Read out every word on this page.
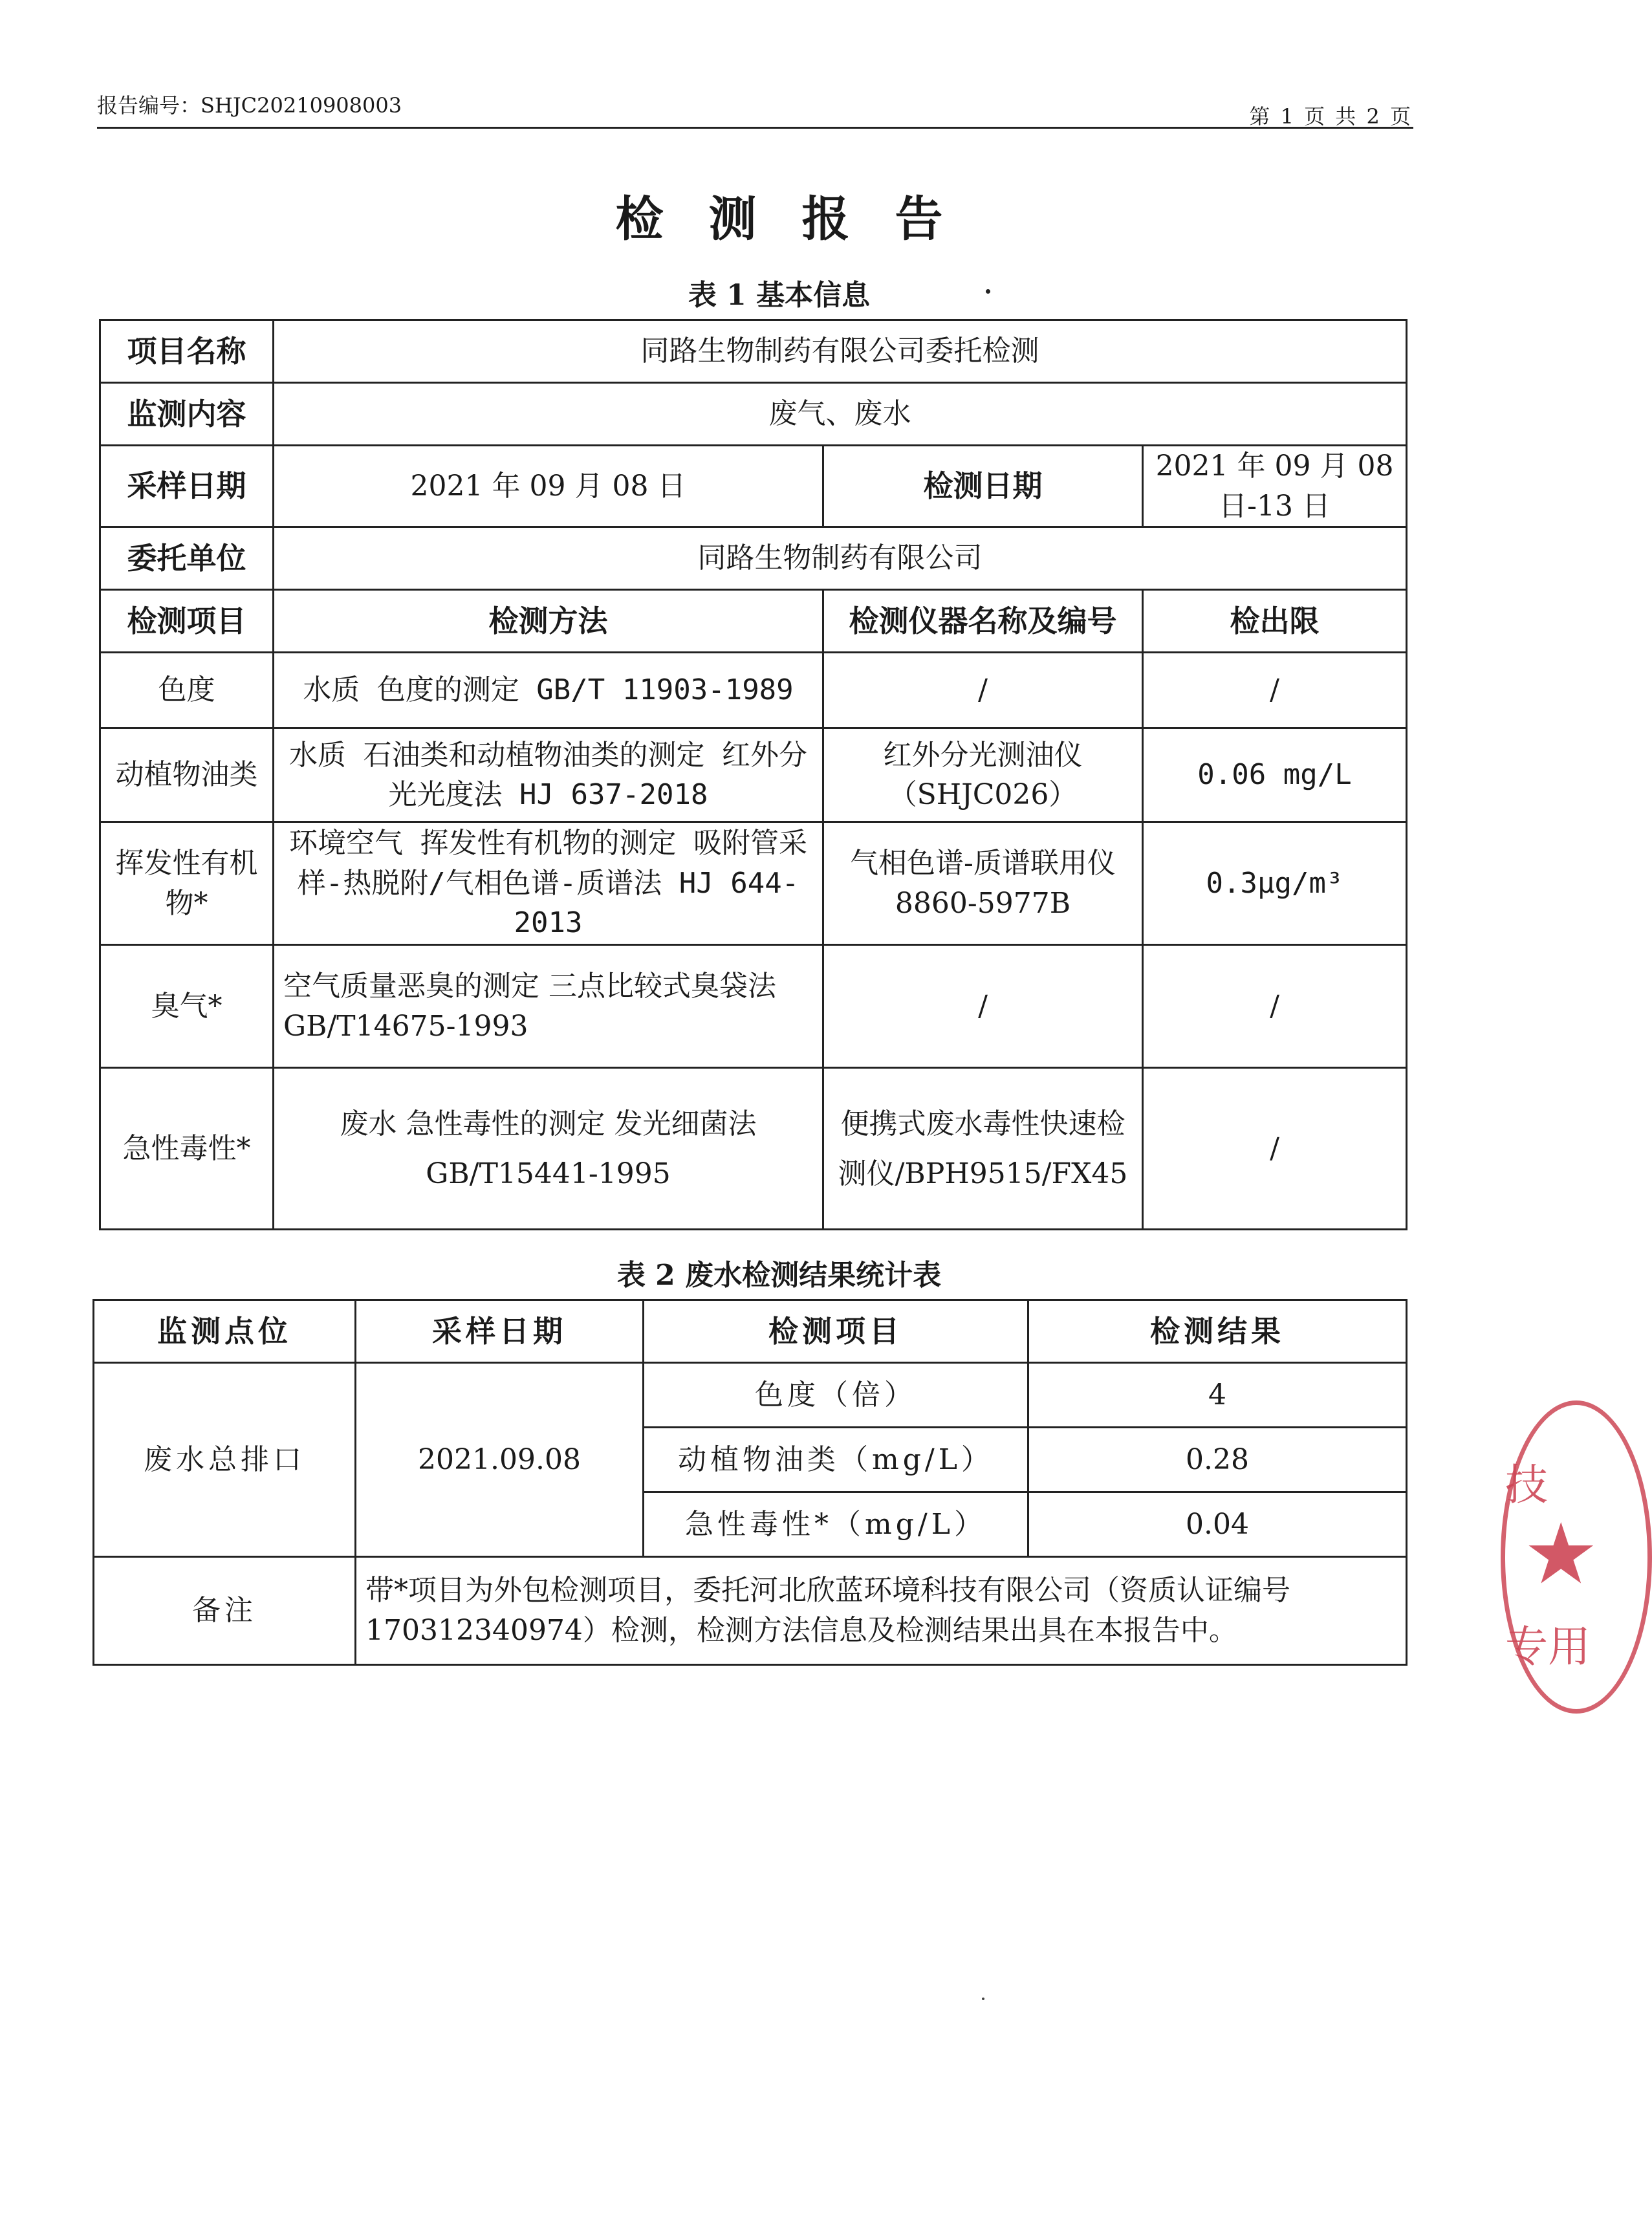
报告编号：SHJC20210908003	第 1 页 共 2 页
检测报告
表 1 基本信息
项目名称	同路生物制药有限公司委托检测		
监测内容	废气、废水		
采样日期	2021 年 09 月 08 日	检测日期	2021 年 09 月 08 日-13 日
委托单位	同路生物制药有限公司		
检测项目	检测方法	检测仪器名称及编号	检出限
色度	水质 色度的测定 GB/T 11903-1989	/	/
动植物油类	水质 石油类和动植物油类的测定 红外分光光度法 HJ 637-2018	红外分光测油仪（SHJC026）	0.06 mg/L
挥发性有机物*	环境空气 挥发性有机物的测定 吸附管采样-热脱附/气相色谱-质谱法 HJ 644-2013	气相色谱-质谱联用仪 8860-5977B	0.3μg/m³
臭气*	空气质量恶臭的测定 三点比较式臭袋法 GB/T14675-1993	/	/
急性毒性*	废水 急性毒性的测定 发光细菌法 GB/T15441-1995	便携式废水毒性快速检测仪/BPH9515/FX45	/
表 2 废水检测结果统计表
监测点位	采样日期	检测项目	检测结果
废水总排口	2021.09.08	色度（倍）	4
		动植物油类（mg/L）	0.28
		急性毒性*（mg/L）	0.04
备注	带*项目为外包检测项目，委托河北欣蓝环境科技有限公司（资质认证编号 170312340974）检测，检测方法信息及检测结果出具在本报告中。		
技
★
专用
